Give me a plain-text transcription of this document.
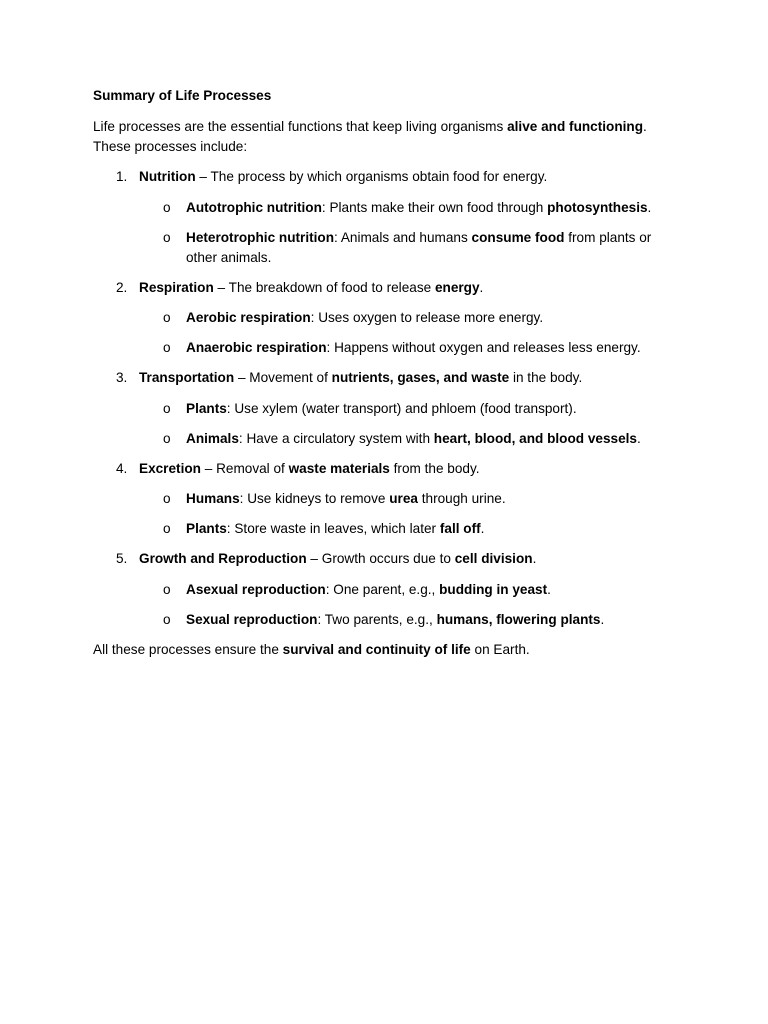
Summary of Life Processes
Life processes are the essential functions that keep living organisms alive and functioning.
These processes include:
1. Nutrition – The process by which organisms obtain food for energy.
o	Autotrophic nutrition: Plants make their own food through photosynthesis.
o	Heterotrophic nutrition: Animals and humans consume food from plants or
other animals.
2. Respiration – The breakdown of food to release energy.
o	Aerobic respiration: Uses oxygen to release more energy.
o	Anaerobic respiration: Happens without oxygen and releases less energy.
3. Transportation – Movement of nutrients, gases, and waste in the body.
o	Plants: Use xylem (water transport) and phloem (food transport).
o	Animals: Have a circulatory system with heart, blood, and blood vessels.
4. Excretion – Removal of waste materials from the body.
o	Humans: Use kidneys to remove urea through urine.
o	Plants: Store waste in leaves, which later fall off.
5. Growth and Reproduction – Growth occurs due to cell division.
o	Asexual reproduction: One parent, e.g., budding in yeast.
o	Sexual reproduction: Two parents, e.g., humans, flowering plants.
All these processes ensure the survival and continuity of life on Earth.
